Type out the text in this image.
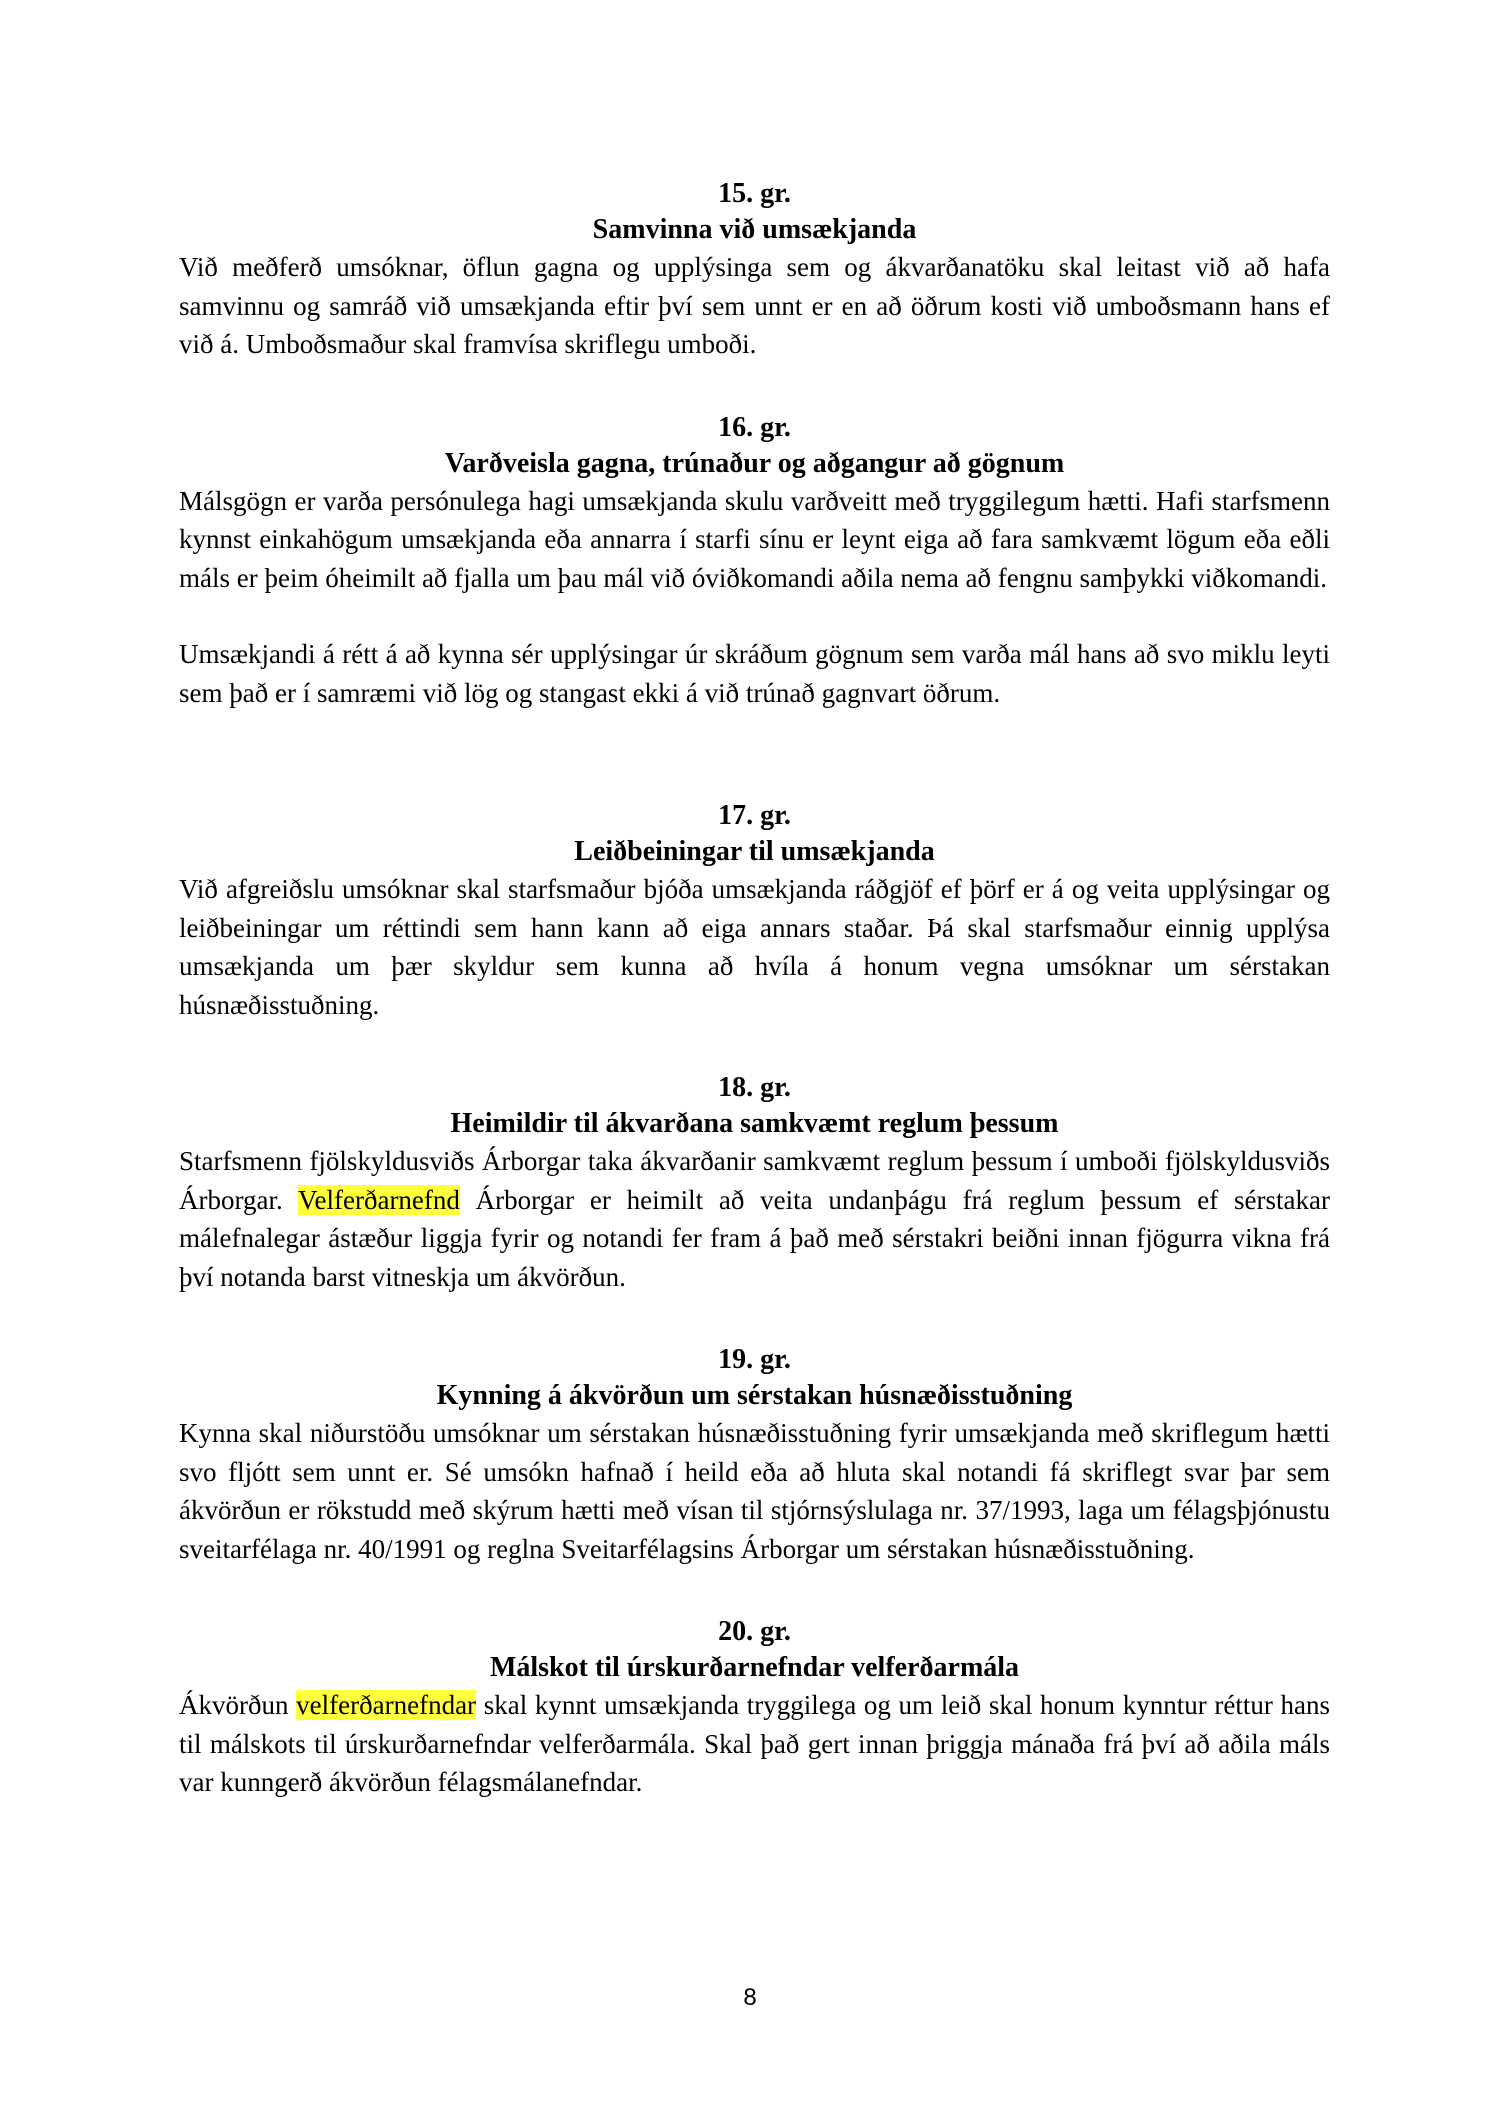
15. gr.

Samvinna við umsækjanda

Við meðferð umsóknar, öflun gagna og upplýsinga sem og ákvarðanatöku skal leitast við að hafa samvinnu og samráð við umsækjanda eftir því sem unnt er en að öðrum kosti við umboðsmann hans ef við á. Umboðsmaður skal framvísa skriflegu umboði.

16. gr.

Varðveisla gagna, trúnaður og aðgangur að gögnum

Málsgögn er varða persónulega hagi umsækjanda skulu varðveitt með tryggilegum hætti. Hafi starfsmenn kynnst einkahögum umsækjanda eða annarra í starfi sínu er leynt eiga að fara samkvæmt lögum eða eðli máls er þeim óheimilt að fjalla um þau mál við óviðkomandi aðila nema að fengnu samþykki viðkomandi.

Umsækjandi á rétt á að kynna sér upplýsingar úr skráðum gögnum sem varða mál hans að svo miklu leyti sem það er í samræmi við lög og stangast ekki á við trúnað gagnvart öðrum.

17. gr.

Leiðbeiningar til umsækjanda

Við afgreiðslu umsóknar skal starfsmaður bjóða umsækjanda ráðgjöf ef þörf er á og veita upplýsingar og leiðbeiningar um réttindi sem hann kann að eiga annars staðar. Þá skal starfsmaður einnig upplýsa umsækjanda um þær skyldur sem kunna að hvíla á honum vegna umsóknar um sérstakan húsnæðisstuðning.

18. gr.

Heimildir til ákvarðana samkvæmt reglum þessum

Starfsmenn fjölskyldusviðs Árborgar taka ákvarðanir samkvæmt reglum þessum í umboði fjölskyldusviðs Árborgar. Velferðarnefnd Árborgar er heimilt að veita undanþágu frá reglum þessum ef sérstakar málefnalegar ástæður liggja fyrir og notandi fer fram á það með sérstakri beiðni innan fjögurra vikna frá því notanda barst vitneskja um ákvörðun.

19. gr.

Kynning á ákvörðun um sérstakan húsnæðisstuðning

Kynna skal niðurstöðu umsóknar um sérstakan húsnæðisstuðning fyrir umsækjanda með skriflegum hætti svo fljótt sem unnt er. Sé umsókn hafnað í heild eða að hluta skal notandi fá skriflegt svar þar sem ákvörðun er rökstudd með skýrum hætti með vísan til stjórnsýslulaga nr. 37/1993, laga um félagsþjónustu sveitarfélaga nr. 40/1991 og reglna Sveitarfélagsins Árborgar um sérstakan húsnæðisstuðning.

20. gr.

Málskot til úrskurðarnefndar velferðarmála

Ákvörðun velferðarnefndar skal kynnt umsækjanda tryggilega og um leið skal honum kynntur réttur hans til málskots til úrskurðarnefndar velferðarmála. Skal það gert innan þriggja mánaða frá því að aðila máls var kunngerð ákvörðun félagsmálanefndar.

8
